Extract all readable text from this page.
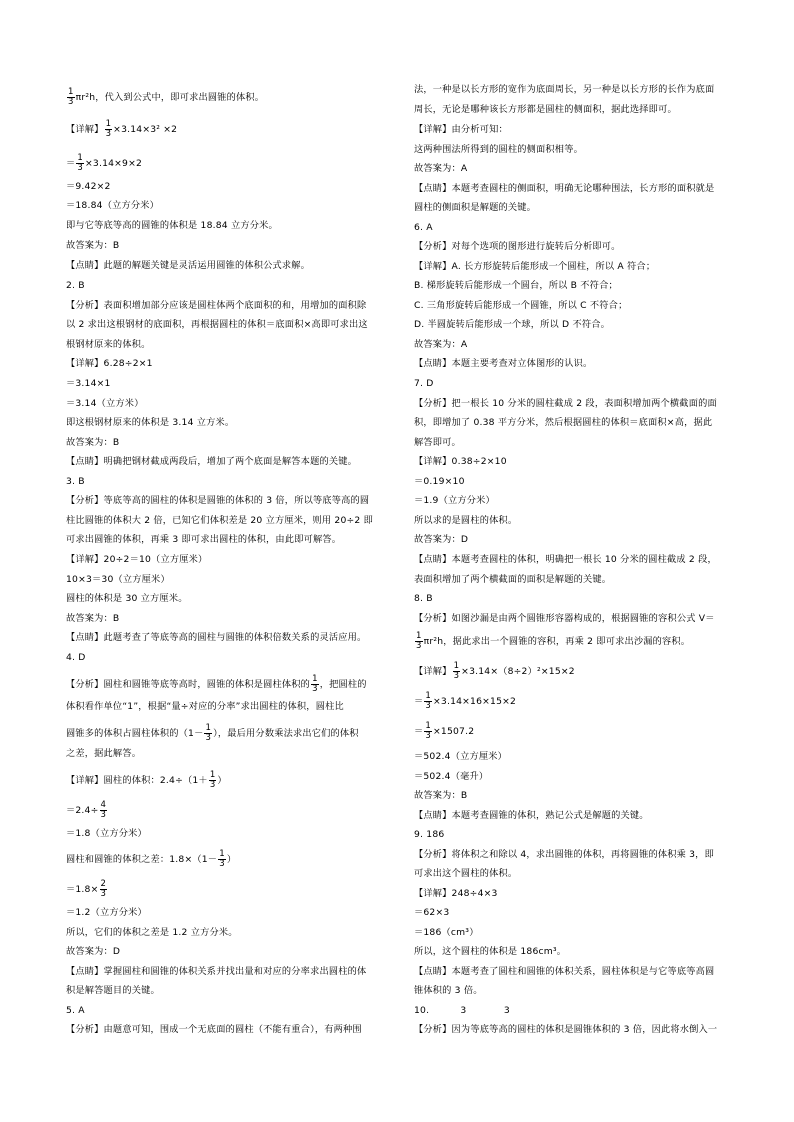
$\frac{1}{3} \pi r^2h$，代入到公式中，即可求出圆锥的体积。
【详解】 $\frac{1}{3} \times 3.14\times 3^2 \times 2$
＝ $\frac{1}{3} \times 3.14\times 9\times 2$
＝9.42×2
＝18.84（立方分米）
即与它等底等高的圆锥的体积是 18.84 立方分米。
故答案为：B
【点睛】此题的解题关键是灵活运用圆锥的体积公式求解。
2. B
【分析】表面积增加部分应该是圆柱体两个底面积的和，用增加的面积除
以 2 求出这根钢材的底面积，再根据圆柱的体积＝底面积×高即可求出这
根钢材原来的体积。
【详解】6.28÷2×1
＝3.14×1
＝3.14（立方米）
即这根钢材原来的体积是 3.14 立方米。
故答案为：B
【点睛】明确把钢材截成两段后，增加了两个底面是解答本题的关键。
3. B
【分析】等底等高的圆柱的体积是圆锥的体积的 3 倍，所以等底等高的圆
柱比圆锥的体积大 2 倍，已知它们体积差是 20 立方厘米，则用 20÷2 即
可求出圆锥的体积，再乘 3 即可求出圆柱的体积，由此即可解答。
【详解】20÷2＝10（立方厘米）
10×3＝30（立方厘米）
圆柱的体积是 30 立方厘米。
故答案为：B
【点睛】此题考查了等底等高的圆柱与圆锥的体积倍数关系的灵活应用。
4. D
【分析】圆柱和圆锥等底等高时，圆锥的体积是圆柱体积的 $\frac{1}{3}$ ，把圆柱的
体积看作单位“1”，根据“量÷对应的分率”求出圆柱的体积，圆柱比
圆锥多的体积占圆柱体积的（$1- \frac{1}{3}$ ），最后用分数乘法求出它们的体积
之差，据此解答。
【详解】圆柱的体积：$2.4\div(1+ \frac{1}{3}$ ）
$=2.4\div \frac{4}{3}$
＝1.8（立方分米）
圆柱和圆锥的体积之差：$1.8\times(1- \frac{1}{3}$ ）
$=1.8\times \frac{2}{3}$
＝1.2（立方分米）
所以，它们的体积之差是 1.2 立方分米。
故答案为：D
【点睛】掌握圆柱和圆锥的体积关系并找出量和对应的分率求出圆柱的体
积是解答题目的关键。
5. A
【分析】由题意可知，围成一个无底面的圆柱（不能有重合），有两种围
法，一种是以长方形的宽作为底面周长，另一种是以长方形的长作为底面
周长，无论是哪种该长方形都是圆柱的侧面积，据此选择即可。
【详解】由分析可知：
这两种围法所得到的圆柱的侧面积相等。
故答案为：A
【点睛】本题考查圆柱的侧面积，明确无论哪种围法，长方形的面积就是
圆柱的侧面积是解题的关键。
6. A
【分析】对每个选项的图形进行旋转后分析即可。
【详解】A. 长方形旋转后能形成一个圆柱，所以 A 符合；
B. 梯形旋转后能形成一个圆台，所以 B 不符合；
C. 三角形旋转后能形成一个圆锥，所以 C 不符合；
D. 半圆旋转后能形成一个球，所以 D 不符合。
故答案为：A
【点睛】本题主要考查对立体图形的认识。
7. D
【分析】把一根长 10 分米的圆柱截成 2 段，表面积增加两个横截面的面
积，即增加了 0.38 平方分米，然后根据圆柱的体积＝底面积×高，据此
解答即可。
【详解】0.38÷2×10
＝0.19×10
＝1.9（立方分米）
所以求的是圆柱的体积。
故答案为：D
【点睛】本题考查圆柱的体积，明确把一根长 10 分米的圆柱截成 2 段，
表面积增加了两个横截面的面积是解题的关键。
8. B
【分析】如图沙漏是由两个圆锥形容器构成的，根据圆锥的容积公式 V＝
$\frac{1}{3} \pi r^2h$，据此求出一个圆锥的容积，再乘 2 即可求出沙漏的容积。
【详解】 $\frac{1}{3} \times 3.14\times(8\div 2)^2\times 15\times 2$
＝ $\frac{1}{3} \times 3.14\times 16\times 15\times 2$
＝ $\frac{1}{3} \times 1507.2$
＝502.4（立方厘米）
＝502.4（毫升）
故答案为：B
【点睛】本题考查圆锥的体积，熟记公式是解题的关键。
9. 186
【分析】将体积之和除以 4，求出圆锥的体积，再将圆锥的体积乘 3，即
可求出这个圆柱的体积。
【详解】248÷4×3
＝62×3
＝186（cm³）
所以，这个圆柱的体积是 186cm³。
【点睛】本题考查了圆柱和圆锥的体积关系，圆柱体积是与它等底等高圆
锥体积的 3 倍。
10.          3            3
【分析】因为等底等高的圆柱的体积是圆锥体积的 3 倍，因此将水倒入一
